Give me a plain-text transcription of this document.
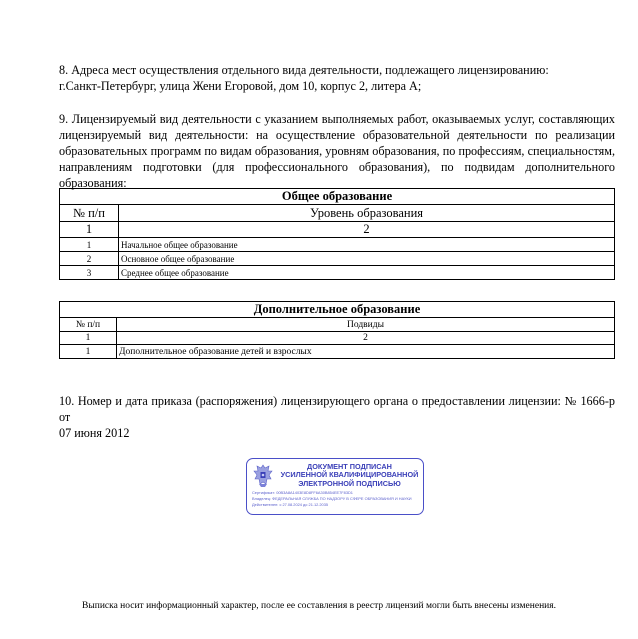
8. Адреса мест осуществления отдельного вида деятельности, подлежащего лицензированию:
г.Санкт-Петербург, улица Жени Егоровой, дом 10, корпус 2, литера А;
9. Лицензируемый вид деятельности с указанием выполняемых работ, оказываемых услуг, составляющих
лицензируемый вид деятельности: на осуществление образовательной деятельности по реализации
образовательных программ по видам образования, уровням образования, по профессиям, специальностям,
направлениям подготовки (для профессионального образования), по подвидам дополнительного
образования:
Общее образование	
№ п/п	Уровень образования
1	2
1	Начальное общее образование
2	Основное общее образование
3	Среднее общее образование
Дополнительное образование	
№ п/п	Подвиды
1	2
1	Дополнительное образование детей и взрослых
10. Номер и дата приказа (распоряжения) лицензирующего органа о предоставлении лицензии: № 1666-р от
07 июня 2012
ДОКУМЕНТ ПОДПИСАН
УСИЛЕННОЙ КВАЛИФИЦИРОВАННОЙ
ЭЛЕКТРОННОЙ ПОДПИСЬЮ
Сертификат: 00B3A8A1403E8D8FF6A30B854EE7F83D1
Владелец: ФЕДЕРАЛЬНАЯ СЛУЖБА ПО НАДЗОРУ В СФЕРЕ ОБРАЗОВАНИЯ И НАУКИ
Действителен: с 27.08.2024 до 21.12.2035
Выписка носит информационный характер, после ее составления в реестр лицензий могли быть внесены изменения.
